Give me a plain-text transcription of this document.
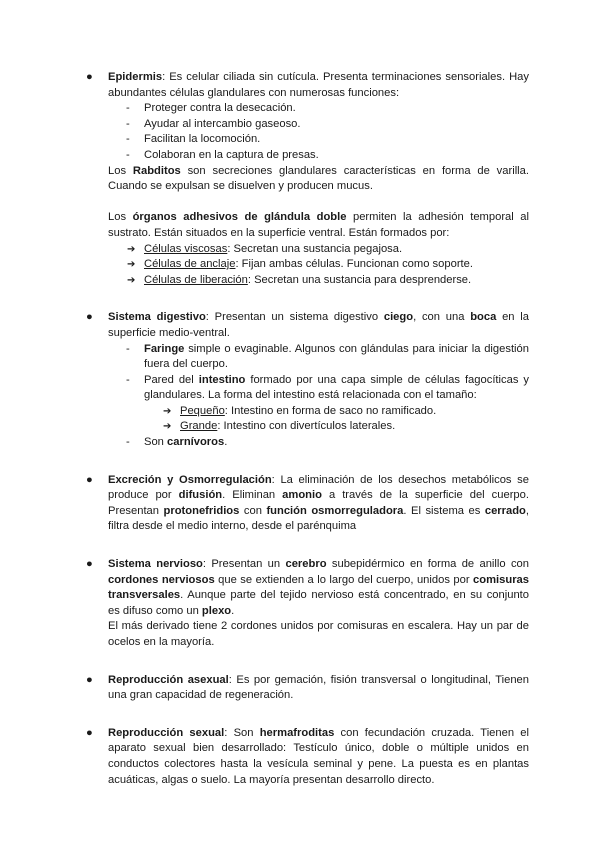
● Epidermis: Es celular ciliada sin cutícula. Presenta terminaciones sensoriales. Hay abundantes células glandulares con numerosas funciones:
- Proteger contra la desecación.
- Ayudar al intercambio gaseoso.
- Facilitan la locomoción.
- Colaboran en la captura de presas.
Los Rabditos son secreciones glandulares características en forma de varilla. Cuando se expulsan se disuelven y producen mucus.
Los órganos adhesivos de glándula doble permiten la adhesión temporal al sustrato. Están situados en la superficie ventral. Están formados por:
➔ Células viscosas: Secretan una sustancia pegajosa.
➔ Células de anclaje: Fijan ambas células. Funcionan como soporte.
➔ Células de liberación: Secretan una sustancia para desprenderse.
● Sistema digestivo: Presentan un sistema digestivo ciego, con una boca en la superficie medio-ventral.
- Faringe simple o evaginable. Algunos con glándulas para iniciar la digestión fuera del cuerpo.
- Pared del intestino formado por una capa simple de células fagocíticas y glandulares. La forma del intestino está relacionada con el tamaño:
➔ Pequeño: Intestino en forma de saco no ramificado.
➔ Grande: Intestino con divertículos laterales.
- Son carnívoros.
● Excreción y Osmorregulación: La eliminación de los desechos metabólicos se produce por difusión. Eliminan amonio a través de la superficie del cuerpo. Presentan protonefridios con función osmorreguladora. El sistema es cerrado, filtra desde el medio interno, desde el parénquima
● Sistema nervioso: Presentan un cerebro subepidérmico en forma de anillo con cordones nerviosos que se extienden a lo largo del cuerpo, unidos por comisuras transversales. Aunque parte del tejido nervioso está concentrado, en su conjunto es difuso como un plexo.
El más derivado tiene 2 cordones unidos por comisuras en escalera. Hay un par de ocelos en la mayoría.
● Reproducción asexual: Es por gemación, fisión transversal o longitudinal, Tienen una gran capacidad de regeneración.
● Reproducción sexual: Son hermafroditas con fecundación cruzada. Tienen el aparato sexual bien desarrollado: Testículo único, doble o múltiple unidos en conductos colectores hasta la vesícula seminal y pene. La puesta es en plantas acuáticas, algas o suelo. La mayoría presentan desarrollo directo.
